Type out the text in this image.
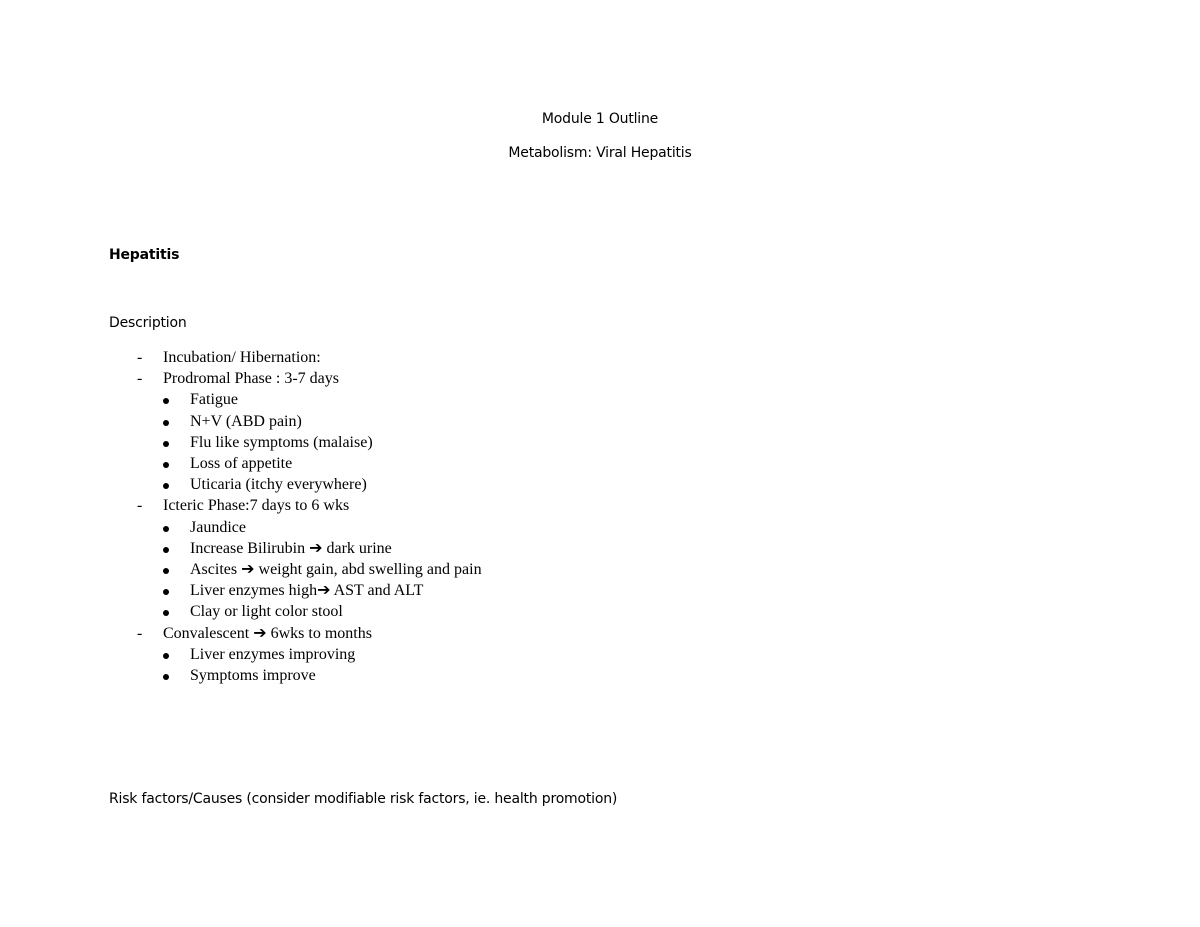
Module 1 Outline
Metabolism: Viral Hepatitis
Hepatitis
Description
- Incubation/ Hibernation:
- Prodromal Phase : 3-7 days
Fatigue
N+V (ABD pain)
Flu like symptoms (malaise)
Loss of appetite
Uticaria (itchy everywhere)
- Icteric Phase:7 days to 6 wks
Jaundice
Increase Bilirubin ➔ dark urine
Ascites ➔ weight gain, abd swelling and pain
Liver enzymes high➔ AST and ALT
Clay or light color stool
- Convalescent ➔ 6wks to months
Liver enzymes improving
Symptoms improve
Risk factors/Causes (consider modifiable risk factors, ie. health promotion)
